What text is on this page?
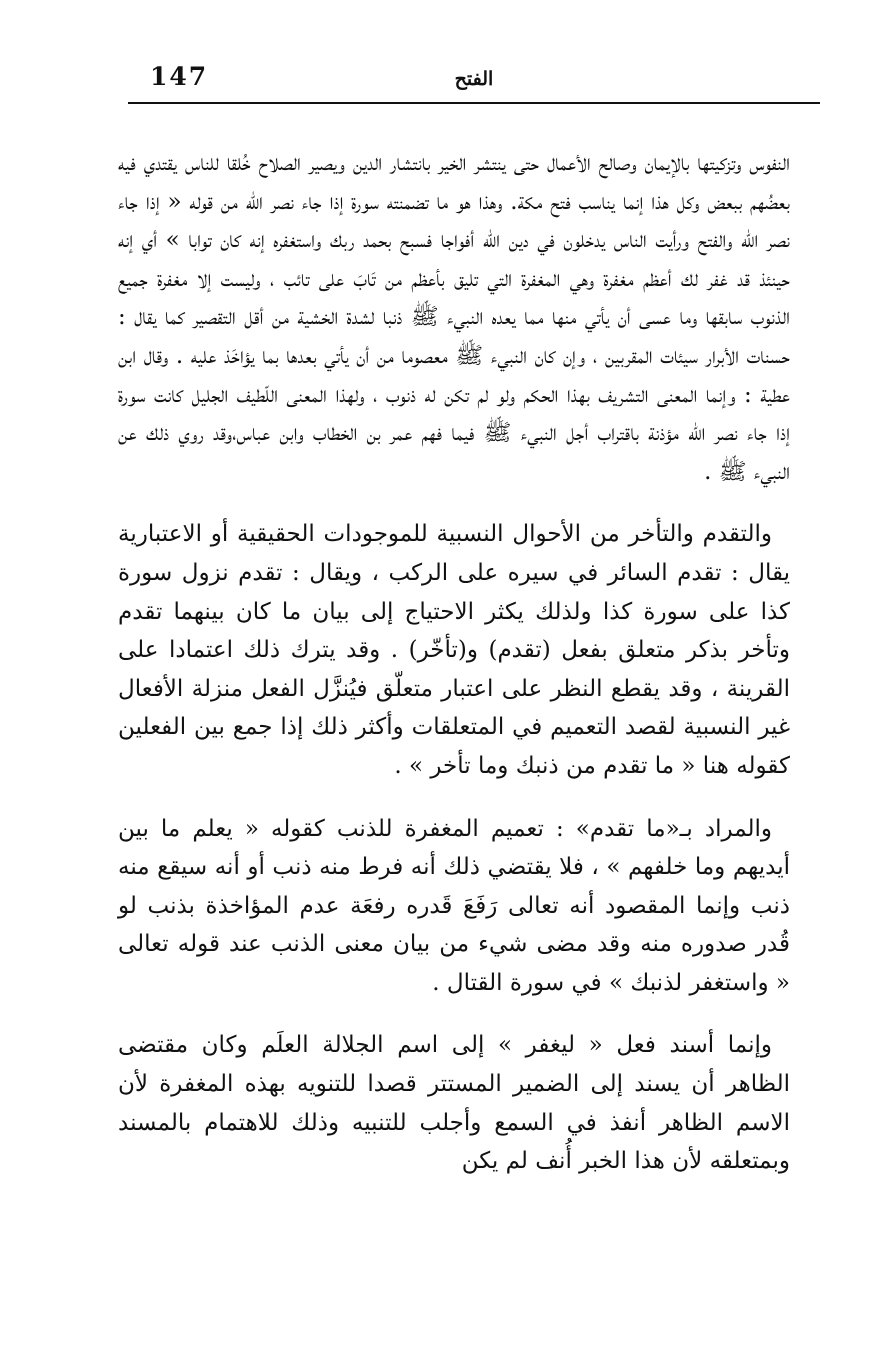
147	الفتح

النفوس وتزكيتها بالإيمان وصالح الأعمال حتى ينتشر الخير بانتشار الدين ويصير الصلاح خُلقا للناس يقتدي فيه بعضُهم ببعض وكل هذا إنما يناسب فتح مكة. وهذا هو ما تضمنته سورة إذا جاء نصر الله من قوله « إذا جاء نصر الله والفتح ورأيت الناس يدخلون في دين الله أفواجا فسبح بحمد ربك واستغفره إنه كان توابا » أي إنه حينئذ قد غفر لك أعظم مغفرة وهي المغفرة التي تليق بأعظم من تَابَ على تائب ، وليست إلا مغفرة جميع الذنوب سابقها وما عسى أن يأتي منها مما يعده النبيء ﷺ ذنبا لشدة الخشية من أقل التقصير كما يقال : حسنات الأبرار سيئات المقربين ، وإن كان النبيء ﷺ معصوما من أن يأتي بعدها بما يؤاخَذ عليه . وقال ابن عطية : وإنما المعنى التشريف بهذا الحكم ولو لم تكن له ذنوب ، ولهذا المعنى اللّطيف الجليل كانت سورة إذا جاء نصر الله مؤذنة باقتراب أجل النبيء ﷺ فيما فهم عمر بن الخطاب وابن عباس،وقد روي ذلك عن النبيء ﷺ .

والتقدم والتأخر من الأحوال النسبية للموجودات الحقيقية أو الاعتبارية يقال : تقدم السائر في سيره على الركب ، ويقال : تقدم نزول سورة كذا على سورة كذا ولذلك يكثر الاحتياج إلى بيان ما كان بينهما تقدم وتأخر بذكر متعلق بفعل (تقدم) و(تأخّر) . وقد يترك ذلك اعتمادا على القرينة ، وقد يقطع النظر على اعتبار متعلّق فيُنزَّل الفعل منزلة الأفعال غير النسبية لقصد التعميم في المتعلقات وأكثر ذلك إذا جمع بين الفعلين كقوله هنا « ما تقدم من ذنبك وما تأخر » .

والمراد بـ«ما تقدم» : تعميم المغفرة للذنب كقوله « يعلم ما بين أيديهم وما خلفهم » ، فلا يقتضي ذلك أنه فرط منه ذنب أو أنه سيقع منه ذنب وإنما المقصود أنه تعالى رَفَعَ قَدره رفعَة عدم المؤاخذة بذنب لو قُدر صدوره منه وقد مضى شيء من بيان معنى الذنب عند قوله تعالى « واستغفر لذنبك » في سورة القتال .

وإنما أسند فعل « ليغفر » إلى اسم الجلالة العلَم وكان مقتضى الظاهر أن يسند إلى الضمير المستتر قصدا للتنويه بهذه المغفرة لأن الاسم الظاهر أنفذ في السمع وأجلب للتنبيه وذلك للاهتمام بالمسند وبمتعلقه لأن هذا الخبر أُنف لم يكن
